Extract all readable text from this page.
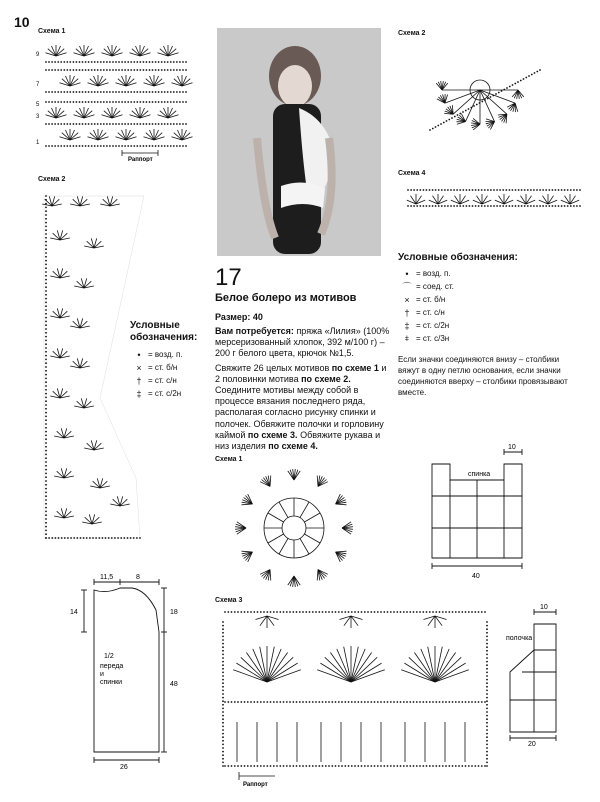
10
Схема 1
9
7
5
3
1
Раппорт
Схема 2
Условные
обозначения:
• = возд. п.
× = ст. б/н
† = ст. с/н
‡ = ст. с/2н
11,5	8
14	18
48
26
1/2
переда
и
спинки
17
Белое болеро из мотивов
Размер: 40
Вам потребуется: пряжа «Лилия» (100% мерсеризованный хлопок, 392 м/100 г) – 200 г белого цвета, крючок №1,5.
Свяжите 26 целых мотивов по схеме 1 и 2 половинки мотива по схеме 2. Соедините мотивы между собой в процессе вязания последнего ряда, располагая согласно рисунку спинки и полочек. Обвяжите полочки и горловину каймой по схеме 3. Обвяжите рукава и низ изделия по схеме 4.
Схема 2
Схема 4
Условные обозначения:
• = возд. п.
⌒ = соед. ст.
× = ст. б/н
† = ст. с/н
‡ = ст. с/2н
⧧ = ст. с/3н
Если значки соединяются внизу – столбики вяжут в одну петлю основания, если значки соединяются вверху – столбики провязывают вместе.
Схема 1
10
спинка
40
Схема 3
Раппорт
10
полочка
20
